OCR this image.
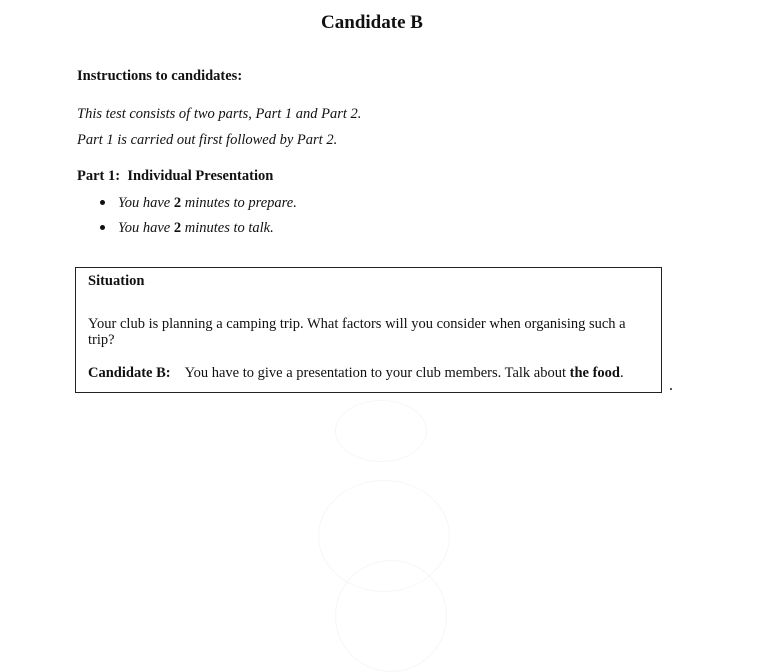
Candidate B
Instructions to candidates:
This test consists of two parts, Part 1 and Part 2.
Part 1 is carried out first followed by Part 2.
Part 1:  Individual Presentation
You have 2 minutes to prepare.
You have 2 minutes to talk.
Situation
Your club is planning a camping trip. What factors will you consider when organising such a trip?
Candidate B: You have to give a presentation to your club members. Talk about the food.
